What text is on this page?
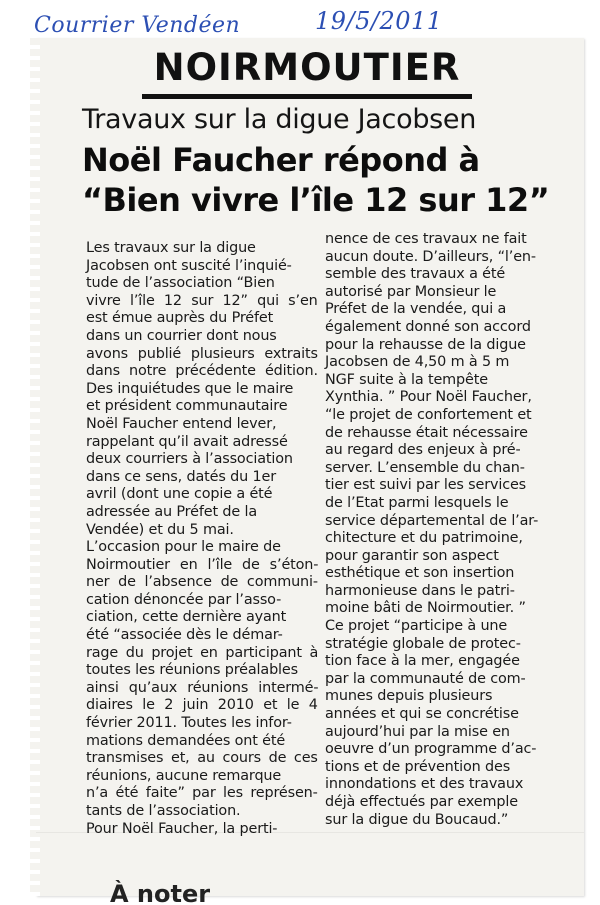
Courrier Vendéen	19/5/2011
NOIRMOUTIER
Travaux sur la digue Jacobsen
Noël Faucher répond à
“Bien vivre l’île 12 sur 12”
Les travaux sur la digue
Jacobsen ont suscité l’inquié-
tude de l’association “Bien
vivre l’île 12 sur 12” qui s’en
est émue auprès du Préfet
dans un courrier dont nous
avons publié plusieurs extraits
dans notre précédente édition.
Des inquiétudes que le maire
et président communautaire
Noël Faucher entend lever,
rappelant qu’il avait adressé
deux courriers à l’association
dans ce sens, datés du 1er
avril (dont une copie a été
adressée au Préfet de la
Vendée) et du 5 mai.
L’occasion pour le maire de
Noirmoutier en l’île de s’éton-
ner de l’absence de communi-
cation dénoncée par l’asso-
ciation, cette dernière ayant
été “associée dès le démar-
rage du projet en participant à
toutes les réunions préalables
ainsi qu’aux réunions intermé-
diaires le 2 juin 2010 et le 4
février 2011. Toutes les infor-
mations demandées ont été
transmises et, au cours de ces
réunions, aucune remarque
n’a été faite” par les représen-
tants de l’association.
Pour Noël Faucher, la perti-
nence de ces travaux ne fait
aucun doute. D’ailleurs, “l’en-
semble des travaux a été
autorisé par Monsieur le
Préfet de la vendée, qui a
également donné son accord
pour la rehausse de la digue
Jacobsen de 4,50 m à 5 m
NGF suite à la tempête
Xynthia. ” Pour Noël Faucher,
“le projet de confortement et
de rehausse était nécessaire
au regard des enjeux à pré-
server. L’ensemble du chan-
tier est suivi par les services
de l’Etat parmi lesquels le
service départemental de l’ar-
chitecture et du patrimoine,
pour garantir son aspect
esthétique et son insertion
harmonieuse dans le patri-
moine bâti de Noirmoutier. ”
Ce projet “participe à une
stratégie globale de protec-
tion face à la mer, engagée
par la communauté de com-
munes depuis plusieurs
années et qui se concrétise
aujourd’hui par la mise en
oeuvre d’un programme d’ac-
tions et de prévention des
innondations et des travaux
déjà effectués par exemple
sur la digue du Boucaud.”
À noter
